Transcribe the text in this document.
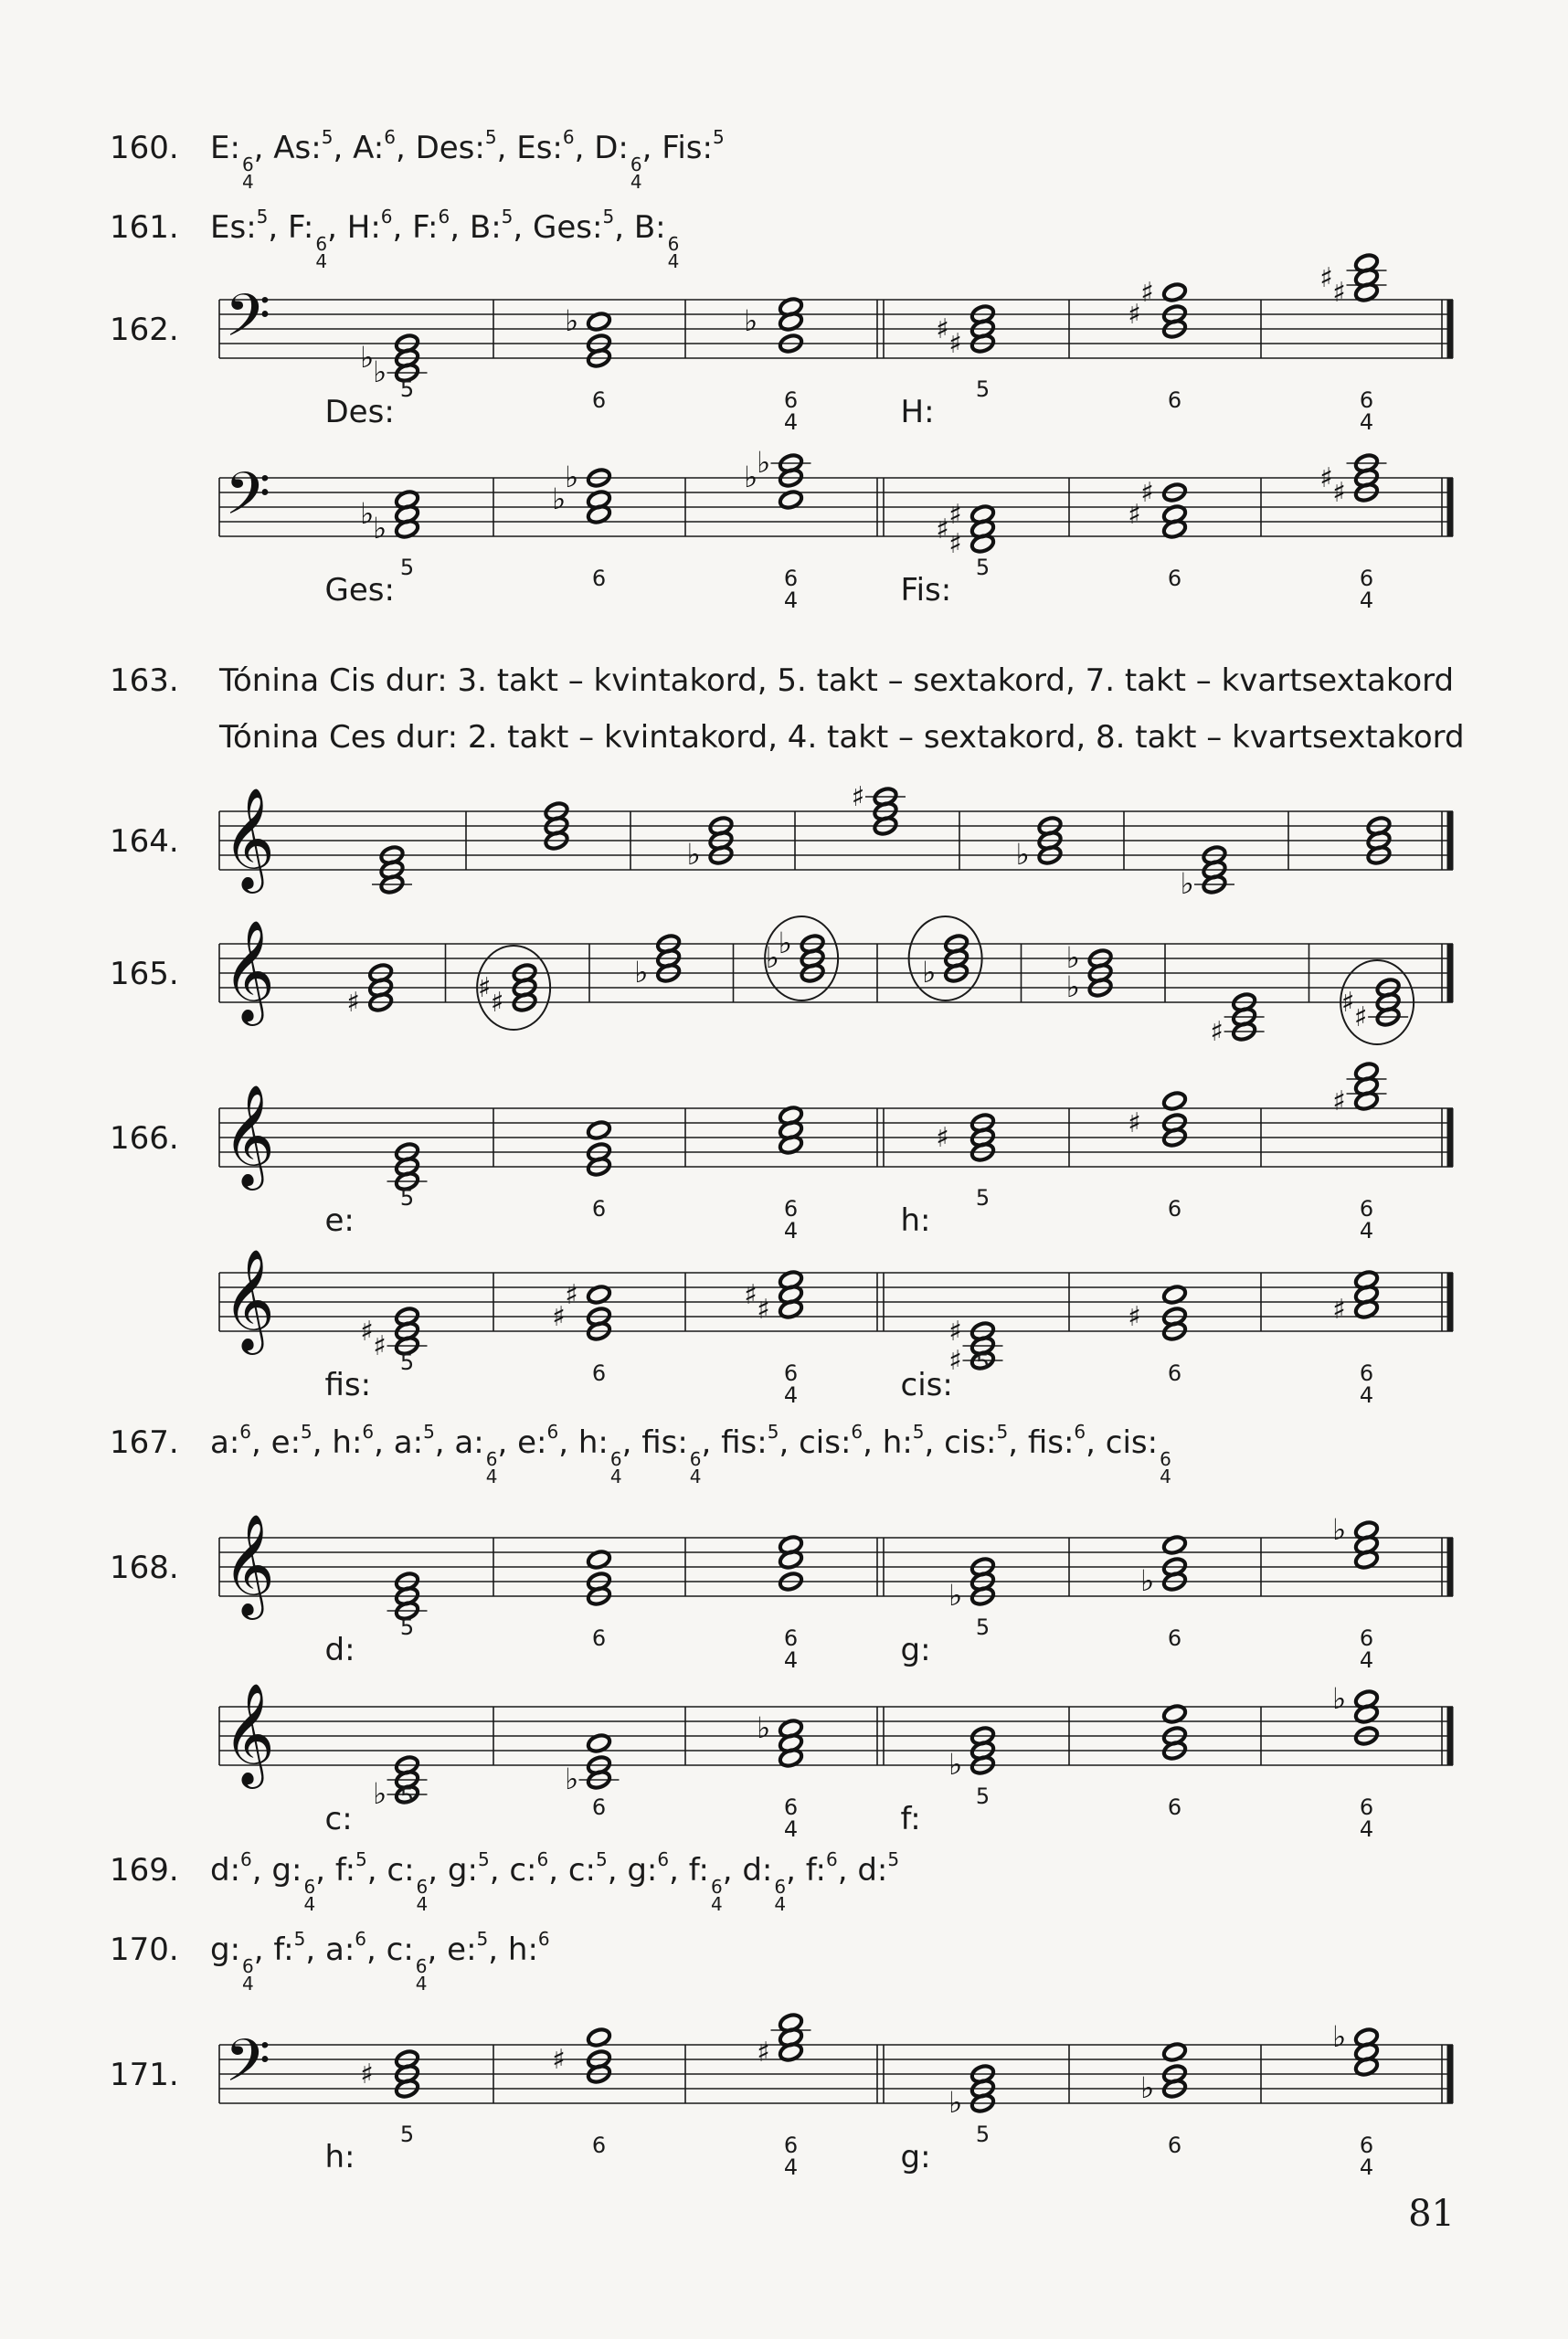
160. E: 6
4
, As:$^5$, A:$^6$, Des:$^5$, Es:$^6$, D: 6
4
, Fis:$^5$
161. Es:$^5$, F: 6
4
, H:$^6$, F:$^6$, B:$^5$, Ges:$^5$, B: 6
4
163. Tónina Cis dur: 3. takt – kvintakord, 5. takt – sextakord, 7. takt – kvartsextakord
Tónina Ces dur: 2. takt – kvintakord, 4. takt – sextakord, 8. takt – kvartsextakord
167. a:$^6$, e:$^5$, h:$^6$, a:$^5$, a: 6
4
, e:$^6$, h: 6
4
, fis: 6
4
, fis:$^5$, cis:$^6$, h:$^5$, cis:$^5$, fis:$^6$, cis: 6
4
169. d:$^6$, g: 6
4
, f:$^5$, c: 6
4
, g:$^5$, c:$^6$, c:$^5$, g:$^6$, f: 6
4
, d: 6
4
, f:$^6$, d:$^5$
170. g: 6
4
, f:$^5$, a:$^6$, c: 6
4
, e:$^5$, h:$^6$
162. 𝄢
♭
♭
5
♭
6
♭
6
4
♯
♯
5
♯
♯
6
♯
♯
6
4
Des:	H:
𝄢	♭
♭
5
♭
♭
6
♭
♭
6
4
♯
♯ ♯
5
♯
♯
6
♯
♯
6
4
Ges:	Fis:
164. 𝄞	♭
♯
♭
♭
165. 𝄞	♯	♯
♯	♭	♭
♭
♭	♭
♭
♯	♯
♯
166. 𝄞
5	6	6
4
♯
5
♯
6
♯
6
4
e:	h:
𝄞	♯
♯
5
♯
♯
6
♯
♯
6
4
♯
♯
5
♯
6
♯
6
4
fis:	cis:
168. 𝄞
5	6	6
4
♭
5
♭
6
♭
6
4
d:	g:
𝄞
♭ 5	♭
6
♭
6
4
♭
5	6
♭
6
4
c:	f:
171. 𝄢	♯
5
♯
6
♯
6
4
♭
5
♭
6
♭
6
4
h:	g:
81
